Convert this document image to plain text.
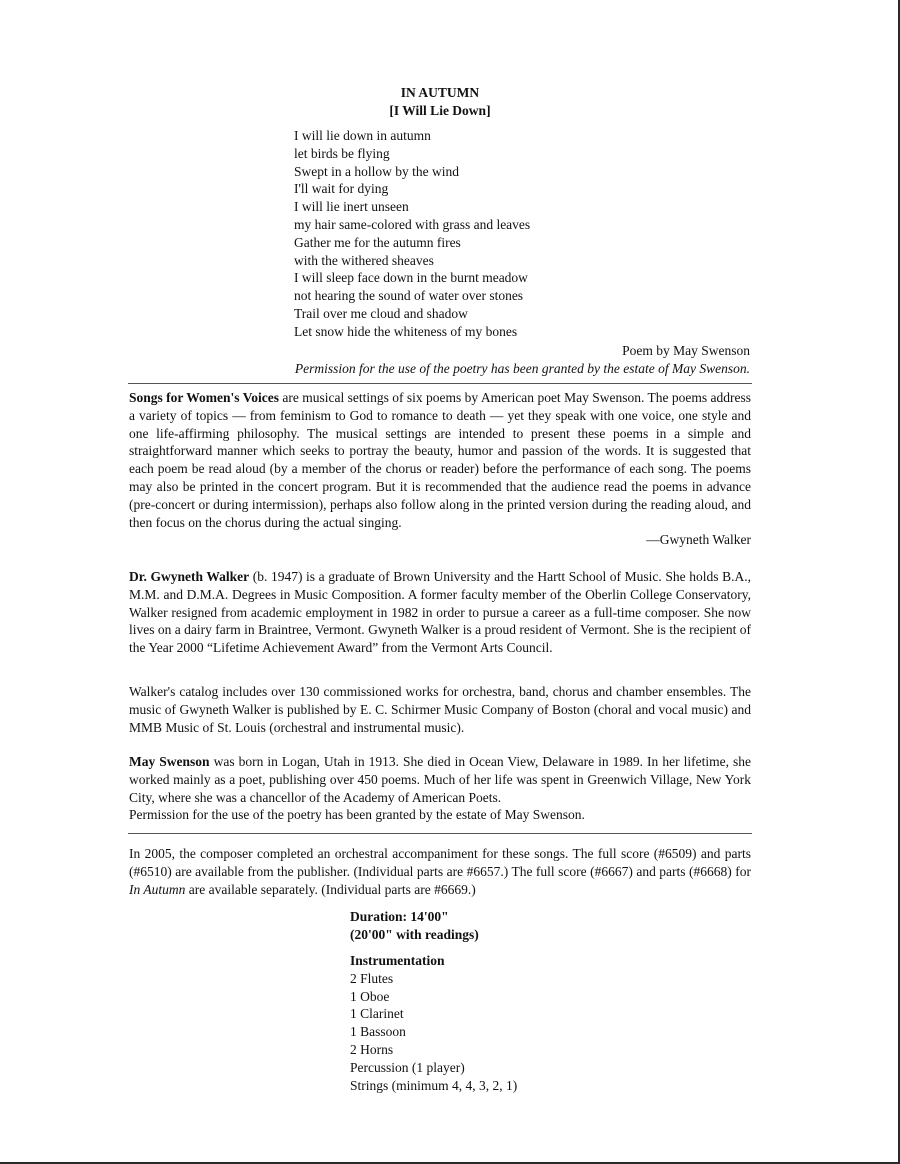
IN AUTUMN
[I Will Lie Down]
I will lie down in autumn
let birds be flying
Swept in a hollow by the wind
I'll wait for dying
I will lie inert unseen
my hair same-colored with grass and leaves
Gather me for the autumn fires
with the withered sheaves
I will sleep face down in the burnt meadow
not hearing the sound of water over stones
Trail over me cloud and shadow
Let snow hide the whiteness of my bones
Poem by May Swenson
Permission for the use of the poetry has been granted by the estate of May Swenson.
Songs for Women's Voices are musical settings of six poems by American poet May Swenson. The poems address a variety of topics — from feminism to God to romance to death — yet they speak with one voice, one style and one life-affirming philosophy. The musical settings are intended to present these poems in a simple and straightforward manner which seeks to portray the beauty, humor and passion of the words. It is suggested that each poem be read aloud (by a member of the chorus or reader) before the performance of each song. The poems may also be printed in the concert program. But it is recommended that the audience read the poems in advance (pre-concert or during intermission), perhaps also follow along in the printed version during the reading aloud, and then focus on the chorus during the actual singing.
—Gwyneth Walker
Dr. Gwyneth Walker (b. 1947) is a graduate of Brown University and the Hartt School of Music. She holds B.A., M.M. and D.M.A. Degrees in Music Composition. A former faculty member of the Oberlin College Conservatory, Walker resigned from academic employment in 1982 in order to pursue a career as a full-time composer. She now lives on a dairy farm in Braintree, Vermont. Gwyneth Walker is a proud resident of Vermont. She is the recipient of the Year 2000 “Lifetime Achievement Award” from the Vermont Arts Council.
Walker's catalog includes over 130 commissioned works for orchestra, band, chorus and chamber ensembles. The music of Gwyneth Walker is published by E. C. Schirmer Music Company of Boston (choral and vocal music) and MMB Music of St. Louis (orchestral and instrumental music).
May Swenson was born in Logan, Utah in 1913. She died in Ocean View, Delaware in 1989. In her lifetime, she worked mainly as a poet, publishing over 450 poems. Much of her life was spent in Greenwich Village, New York City, where she was a chancellor of the Academy of American Poets.
Permission for the use of the poetry has been granted by the estate of May Swenson.
In 2005, the composer completed an orchestral accompaniment for these songs. The full score (#6509) and parts (#6510) are available from the publisher. (Individual parts are #6657.) The full score (#6667) and parts (#6668) for In Autumn are available separately. (Individual parts are #6669.)
Duration: 14'00"
(20'00" with readings)
Instrumentation
2 Flutes
1 Oboe
1 Clarinet
1 Bassoon
2 Horns
Percussion (1 player)
Strings (minimum 4, 4, 3, 2, 1)
